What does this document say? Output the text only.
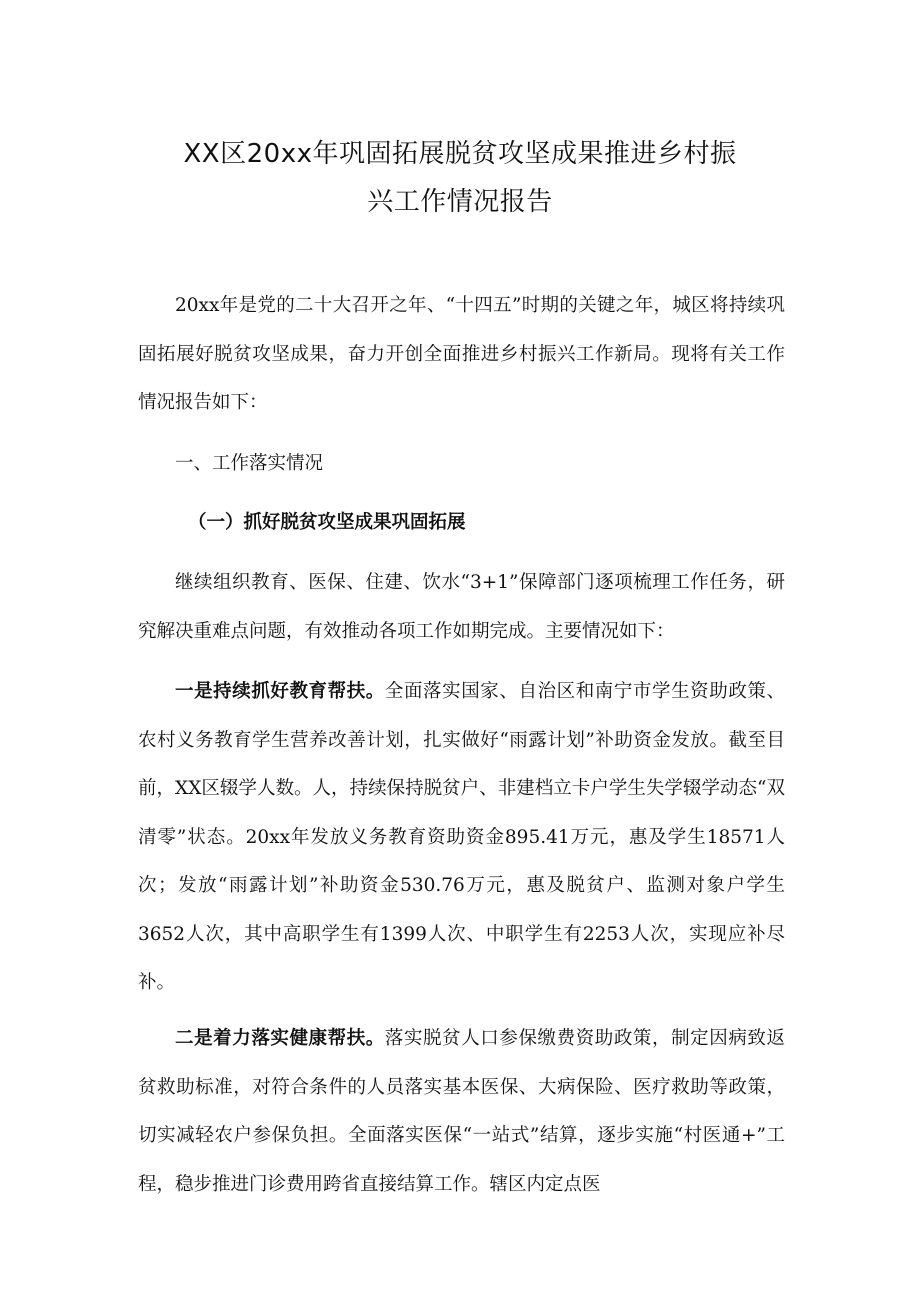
XX区20xx年巩固拓展脱贫攻坚成果推进乡村振
兴工作情况报告

20xx年是党的二十大召开之年、“十四五”时期的关键之年，城区将持续巩固拓展好脱贫攻坚成果，奋力开创全面推进乡村振兴工作新局。现将有关工作情况报告如下：

一、工作落实情况

（一）抓好脱贫攻坚成果巩固拓展

继续组织教育、医保、住建、饮水“3+1”保障部门逐项梳理工作任务，研究解决重难点问题，有效推动各项工作如期完成。主要情况如下：

一是持续抓好教育帮扶。全面落实国家、自治区和南宁市学生资助政策、农村义务教育学生营养改善计划，扎实做好“雨露计划”补助资金发放。截至目前，XX区辍学人数。人，持续保持脱贫户、非建档立卡户学生失学辍学动态“双清零”状态。20xx年发放义务教育资助资金895.41万元，惠及学生18571人次；发放“雨露计划”补助资金530.76万元，惠及脱贫户、监测对象户学生3652人次，其中高职学生有1399人次、中职学生有2253人次，实现应补尽补。

二是着力落实健康帮扶。落实脱贫人口参保缴费资助政策，制定因病致返贫救助标准，对符合条件的人员落实基本医保、大病保险、医疗救助等政策，切实减轻农户参保负担。全面落实医保“一站式”结算，逐步实施“村医通+”工程，稳步推进门诊费用跨省直接结算工作。辖区内定点医
